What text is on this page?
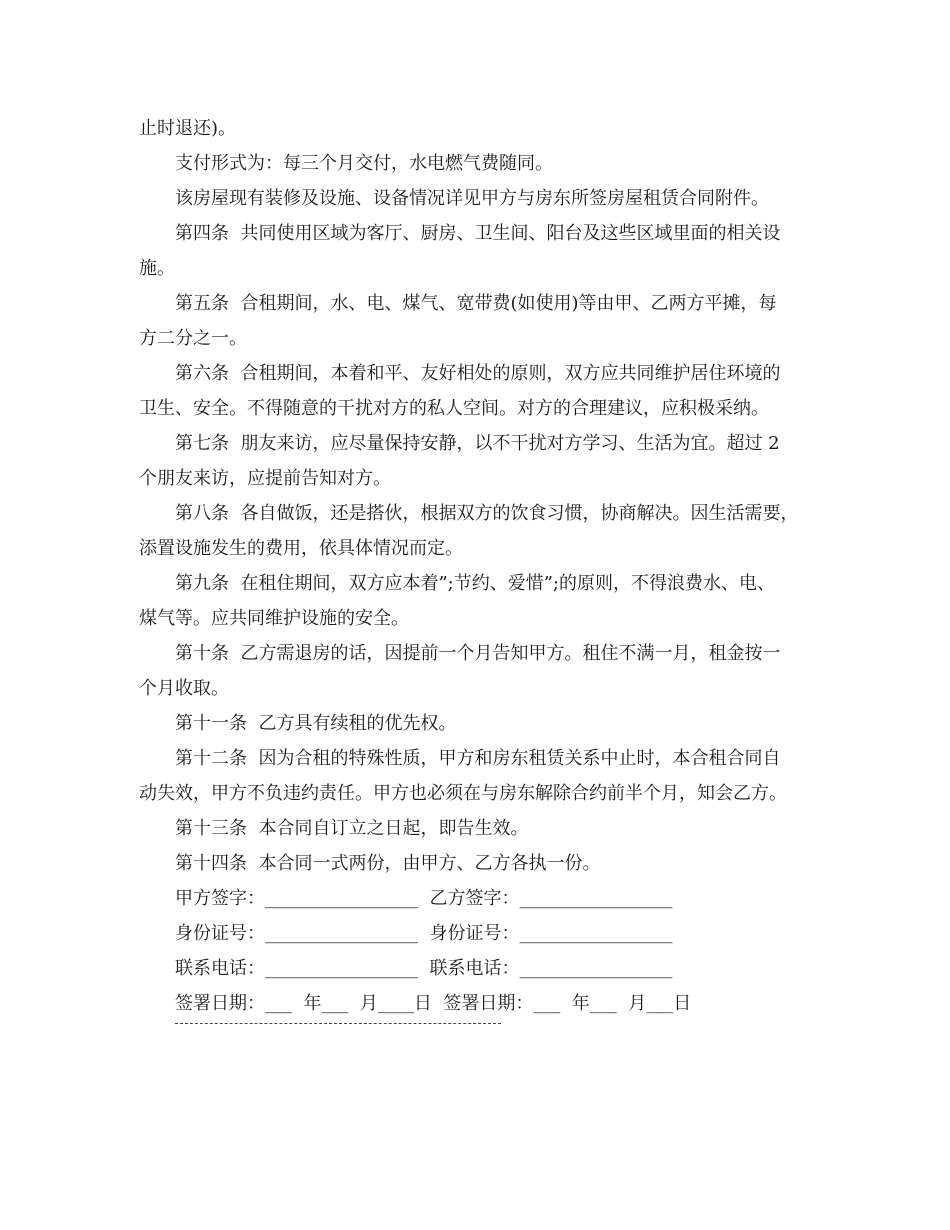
止时退还)。
支付形式为：每三个月交付，水电燃气费随同。
该房屋现有装修及设施、设备情况详见甲方与房东所签房屋租赁合同附件。
第四条  共同使用区域为客厅、厨房、卫生间、阳台及这些区域里面的相关设
施。
第五条  合租期间，水、电、煤气、宽带费(如使用)等由甲、乙两方平摊，每
方二分之一。
第六条  合租期间，本着和平、友好相处的原则，双方应共同维护居住环境的
卫生、安全。不得随意的干扰对方的私人空间。对方的合理建议，应积极采纳。
第七条  朋友来访，应尽量保持安静，以不干扰对方学习、生活为宜。超过 2
个朋友来访，应提前告知对方。
第八条  各自做饭，还是搭伙，根据双方的饮食习惯，协商解决。因生活需要，
添置设施发生的费用，依具体情况而定。
第九条  在租住期间，双方应本着”;节约、爱惜”;的原则，不得浪费水、电、
煤气等。应共同维护设施的安全。
第十条  乙方需退房的话，因提前一个月告知甲方。租住不满一月，租金按一
个月收取。
第十一条  乙方具有续租的优先权。
第十二条  因为合租的特殊性质，甲方和房东租赁关系中止时，本合租合同自
动失效，甲方不负违约责任。甲方也必须在与房东解除合约前半个月，知会乙方。
第十三条  本合同自订立之日起，即告生效。
第十四条  本合同一式两份，由甲方、乙方各执一份。
甲方签字：_________________  乙方签字：_________________
身份证号：_________________  身份证号：_________________
联系电话：_________________  联系电话：_________________
签署日期：___  年___  月____日  签署日期：___  年___  月___日
